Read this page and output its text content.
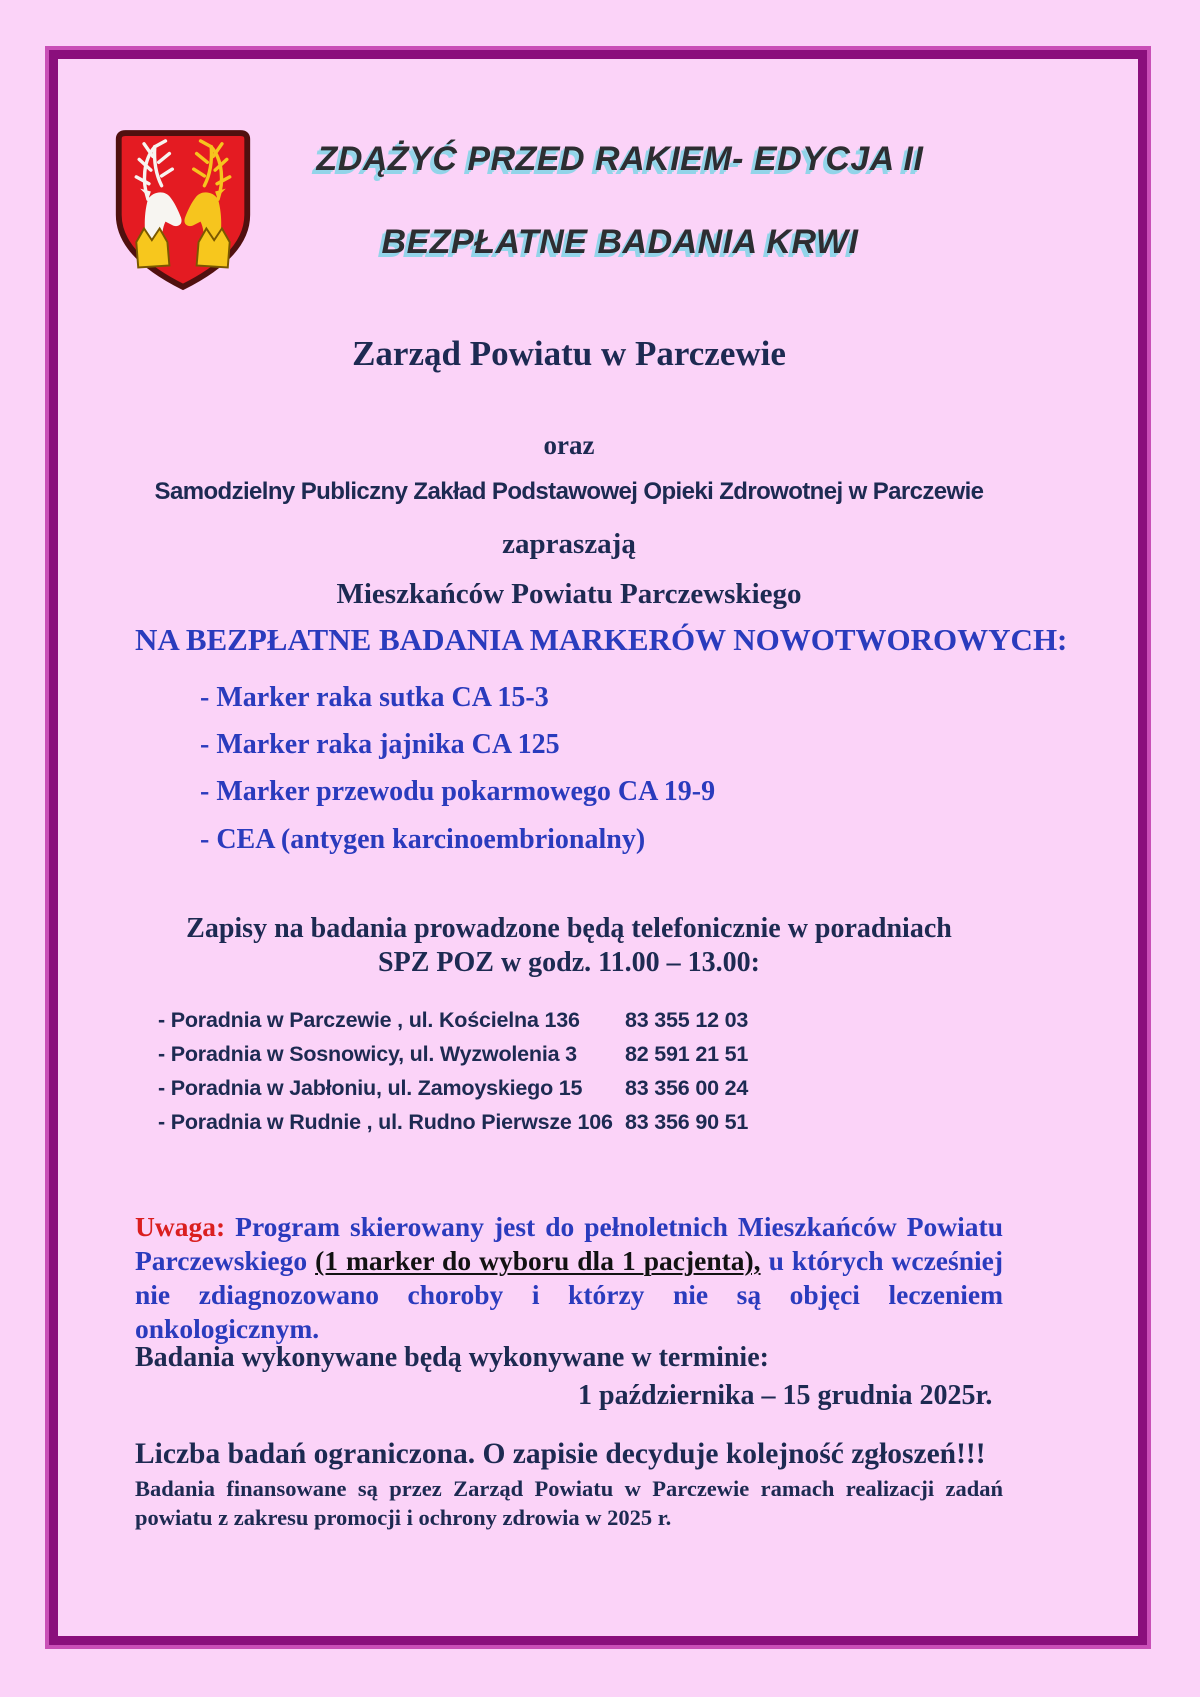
ZDĄŻYĆ PRZED RAKIEM- EDYCJA II
BEZPŁATNE BADANIA KRWI
Zarząd Powiatu w Parczewie
oraz
Samodzielny Publiczny Zakład Podstawowej Opieki Zdrowotnej w Parczewie
zapraszają
Mieszkańców Powiatu Parczewskiego
NA BEZPŁATNE BADANIA MARKERÓW NOWOTWOROWYCH:
- Marker raka sutka CA 15-3
- Marker raka jajnika CA 125
- Marker przewodu pokarmowego CA 19-9
- CEA (antygen karcinoembrionalny)
Zapisy na badania prowadzone będą telefonicznie w poradniach
SPZ POZ w godz. 11.00 – 13.00:
- Poradnia w Parczewie , ul. Kościelna 136	83 355 12 03
- Poradnia w Sosnowicy, ul. Wyzwolenia 3	82 591 21 51
- Poradnia w Jabłoniu, ul. Zamoyskiego 15	83 356 00 24
- Poradnia w Rudnie , ul. Rudno Pierwsze 106 83 356 90 51
Uwaga: Program skierowany jest do pełnoletnich Mieszkańców Powiatu Parczewskiego (1 marker do wyboru dla 1 pacjenta), u których wcześniej nie zdiagnozowano choroby i którzy nie są objęci leczeniem onkologicznym.
Badania wykonywane będą wykonywane w terminie:
1 października – 15 grudnia 2025r.
Liczba badań ograniczona. O zapisie decyduje kolejność zgłoszeń!!!
Badania finansowane są przez Zarząd Powiatu w Parczewie ramach realizacji zadań powiatu z zakresu promocji i ochrony zdrowia w 2025 r.
